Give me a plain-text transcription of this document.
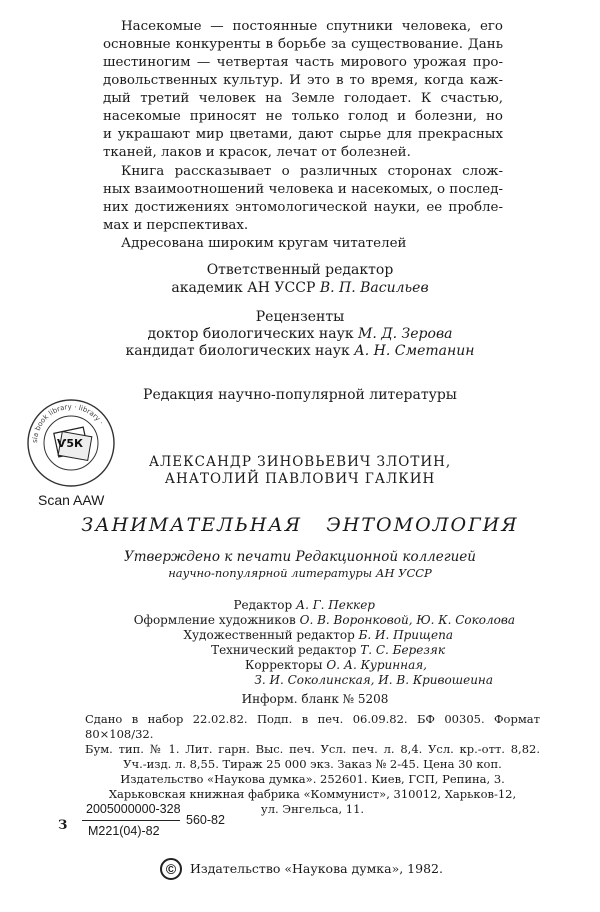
Насекомые — постоянные спутники человека, его
основные конкуренты в борьбе за существование. Дань
шестиногим — четвертая часть мирового урожая про-
довольственных культур. И это в то время, когда каж-
дый третий человек на Земле голодает. К счастью,
насекомые приносят не только голод и болезни, но
и украшают мир цветами, дают сырье для прекрасных
тканей, лаков и красок, лечат от болезней.
Книга рассказывает о различных сторонах слож-
ных взаимоотношений человека и насекомых, о послед-
них достижениях энтомологической науки, ее пробле-
мах и перспективах.
Адресована широким кругам читателей
Ответственный редактор
академик АН УССР В. П. Васильев
Рецензенты
доктор биологических наук М. Д. Зерова
кандидат биологических наук А. Н. Сметанин
Редакция научно-популярной литературы
sia book library · library ·
Ѵ5К
Scan AAW
АЛЕКСАНДР ЗИНОВЬЕВИЧ ЗЛОТИН,
АНАТОЛИЙ ПАВЛОВИЧ ГАЛКИН
ЗАНИМАТЕЛЬНАЯ   ЭНТОМОЛОГИЯ
Утверждено к печати Редакционной коллегией
научно-популярной литературы АН УССР
Редактор А. Г. Пеккер
Оформление художников О. В. Воронковой, Ю. К. Соколова
Художественный редактор Б. И. Прищепа
Технический редактор Т. С. Березяк
Корректоры О. А. Куринная,
З. И. Соколинская, И. В. Кривошеина
Информ. бланк № 5208
Сдано в набор 22.02.82. Подп. в печ. 06.09.82. БФ 00305. Формат 80×108/32.
Бум. тип. № 1. Лит. гарн. Выс. печ. Усл. печ. л. 8,4. Усл. кр.-отт. 8,82.
Уч.-изд. л. 8,55. Тираж 25 000 экз. Заказ № 2-45. Цена 30 коп.
Издательство «Наукова думка». 252601. Киев, ГСП, Репина, 3.
Харьковская книжная фабрика «Коммунист», 310012, Харьков-12,
ул. Энгельса, 11.
З
2005000000-328
М221(04)-82
560-82
©	Издательство «Наукова думка», 1982.
